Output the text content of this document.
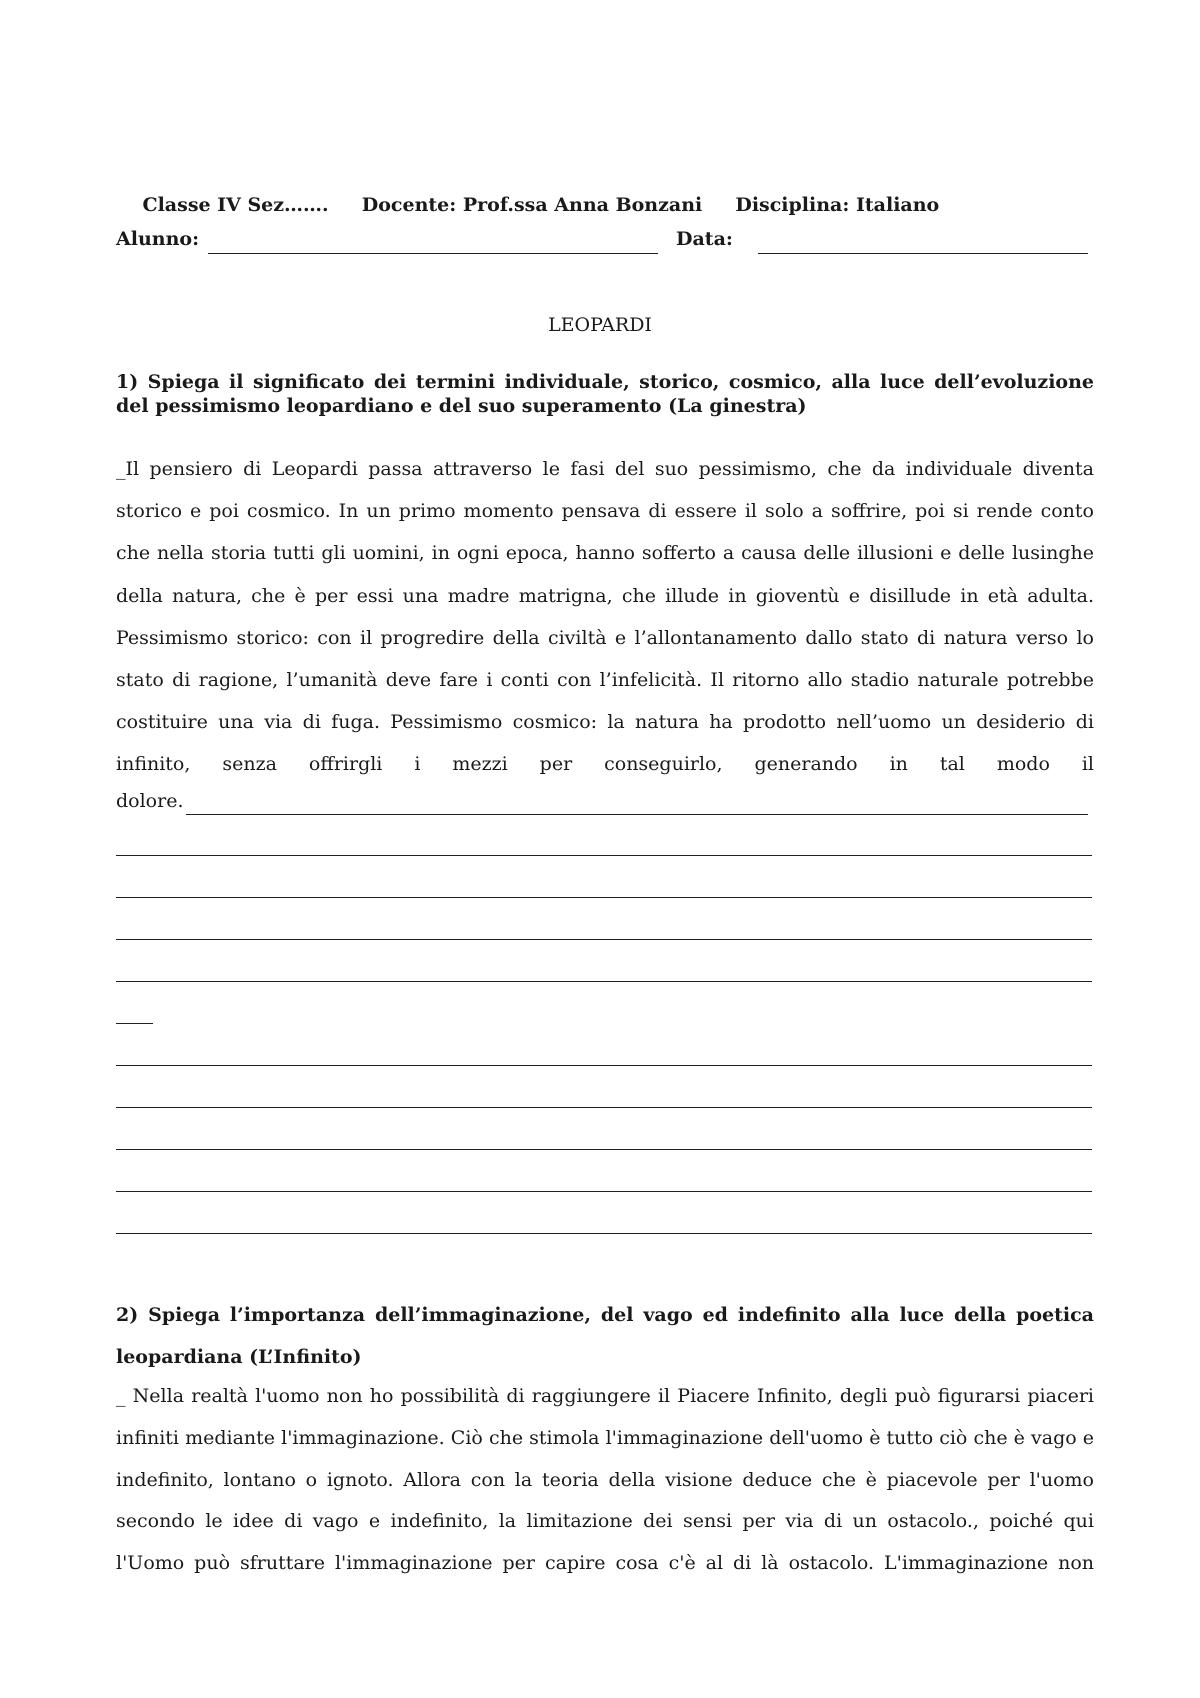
Classe IV Sez……. Docente: Prof.ssa Anna Bonzani Disciplina: Italiano

Alunno:	Data:
LEOPARDI
1) Spiega il significato dei termini individuale, storico, cosmico, alla luce dell’evoluzione del pessimismo leopardiano e del suo superamento (La ginestra)
_Il pensiero di Leopardi passa attraverso le fasi del suo pessimismo, che da individuale diventa storico e poi cosmico. In un primo momento pensava di essere il solo a soffrire, poi si rende conto che nella storia tutti gli uomini, in ogni epoca, hanno sofferto a causa delle illusioni e delle lusinghe della natura, che è per essi una madre matrigna, che illude in gioventù e disillude in età adulta. Pessimismo storico: con il progredire della civiltà e l’allontanamento dallo stato di natura verso lo stato di ragione, l’umanità deve fare i conti con l’infelicità. Il ritorno allo stadio naturale potrebbe costituire una via di fuga. Pessimismo cosmico: la natura ha prodotto nell’uomo un desiderio di infinito, senza offrirgli i mezzi per conseguirlo, generando in tal modo il
dolore.
2) Spiega l’importanza dell’immaginazione, del vago ed indefinito alla luce della poetica leopardiana (L’Infinito)
_ Nella realtà l'uomo non ho possibilità di raggiungere il Piacere Infinito, degli può figurarsi piaceri infiniti mediante l'immaginazione. Ciò che stimola l'immaginazione dell'uomo è tutto ciò che è vago e indefinito, lontano o ignoto. Allora con la teoria della visione deduce che è piacevole per l'uomo secondo le idee di vago e indefinito, la limitazione dei sensi per via di un ostacolo., poiché qui l'Uomo può sfruttare l'immaginazione per capire cosa c'è al di là ostacolo. L'immaginazione non
